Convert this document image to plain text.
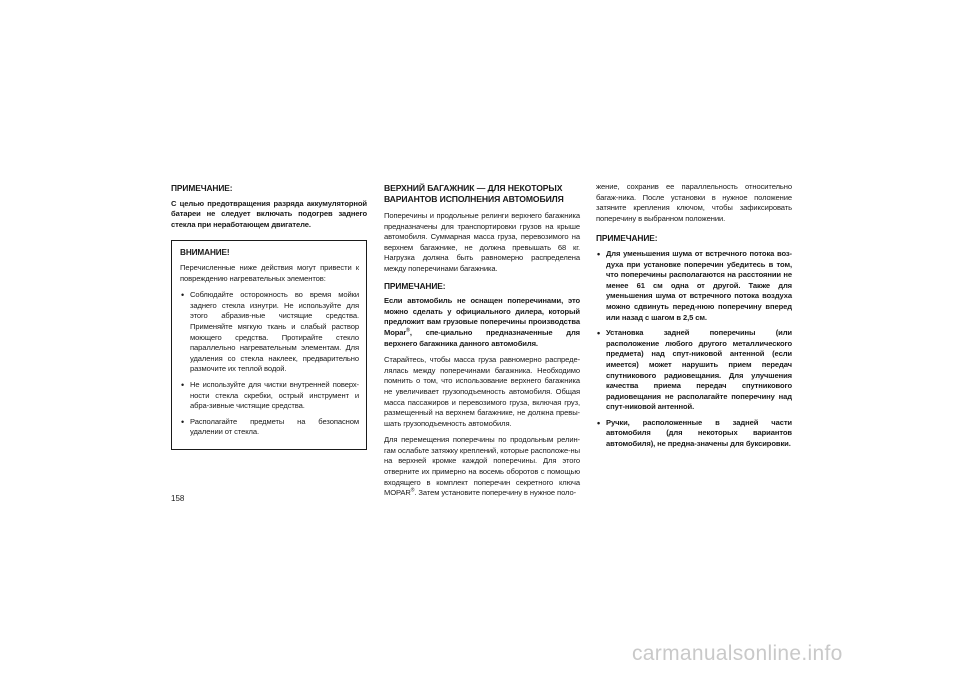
ПРИМЕЧАНИЕ:

С целью предотвращения разряда аккумуляторной батареи не следует включать подогрев заднего стекла при неработающем двигателе.

ВНИМАНИЕ!

Перечисленные ниже действия могут привести к повреждению нагревательных элементов:

• Соблюдайте осторожность во время мойки заднего стекла изнутри. Не используйте для этого абразив-ные чистящие средства. Применяйте мягкую ткань и слабый раствор моющего средства. Протирайте стекло параллельно нагревательным элементам. Для удаления со стекла наклеек, предварительно размочите их теплой водой.
• Не используйте для чистки внутренней поверх-ности стекла скребки, острый инструмент и абра-зивные чистящие средства.
• Располагайте предметы на безопасном удалении от стекла.
ВЕРХНИЙ БАГАЖНИК — ДЛЯ НЕКОТОРЫХ ВАРИАНТОВ ИСПОЛНЕНИЯ АВТОМОБИЛЯ

Поперечины и продольные релинги верхнего багажника предназначены для транспортировки грузов на крыше автомобиля. Суммарная масса груза, перевозимого на верхнем багажнике, не должна превышать 68 кг. Нагрузка должна быть равномерно распределена между поперечинами багажника.

ПРИМЕЧАНИЕ:

Если автомобиль не оснащен поперечинами, это можно сделать у официального дилера, который предложит вам грузовые поперечины производства Mopar®, спе-циально предназначенные для верхнего багажника данного автомобиля.

Старайтесь, чтобы масса груза равномерно распреде-лялась между поперечинами багажника. Необходимо помнить о том, что использование верхнего багажника не увеличивает грузоподъемность автомобиля. Общая масса пассажиров и перевозимого груза, включая груз, размещенный на верхнем багажнике, не должна превы-шать грузоподъемность автомобиля.

Для перемещения поперечины по продольным релин-гам ослабьте затяжку креплений, которые расположе-ны на верхней кромке каждой поперечины. Для этого отверните их примерно на восемь оборотов с помощью входящего в комплект поперечин секретного ключа MOPAR®. Затем установите поперечину в нужное поло-

жение, сохранив ее параллельность относительно багаж-ника. После установки в нужное положение затяните крепления ключом, чтобы зафиксировать поперечину в выбранном положении.

ПРИМЕЧАНИЕ:
• Для уменьшения шума от встречного потока воз-духа при установке поперечин убедитесь в том, что поперечины располагаются на расстоянии не менее 61 см одна от другой. Также для уменьшения шума от встречного потока воздуха можно сдвинуть перед-нюю поперечину вперед или назад с шагом в 2,5 см.
• Установка задней поперечины (или расположение любого другого металлического предмета) над спут-никовой антенной (если имеется) может нарушить прием передач спутникового радиовещания. Для улучшения качества приема передач спутникового радиовещания не располагайте поперечину над спут-никовой антенной.
• Ручки, расположенные в задней части автомобиля (для некоторых вариантов автомобиля), не предна-значены для буксировки.
158
carmanualsonline.info
